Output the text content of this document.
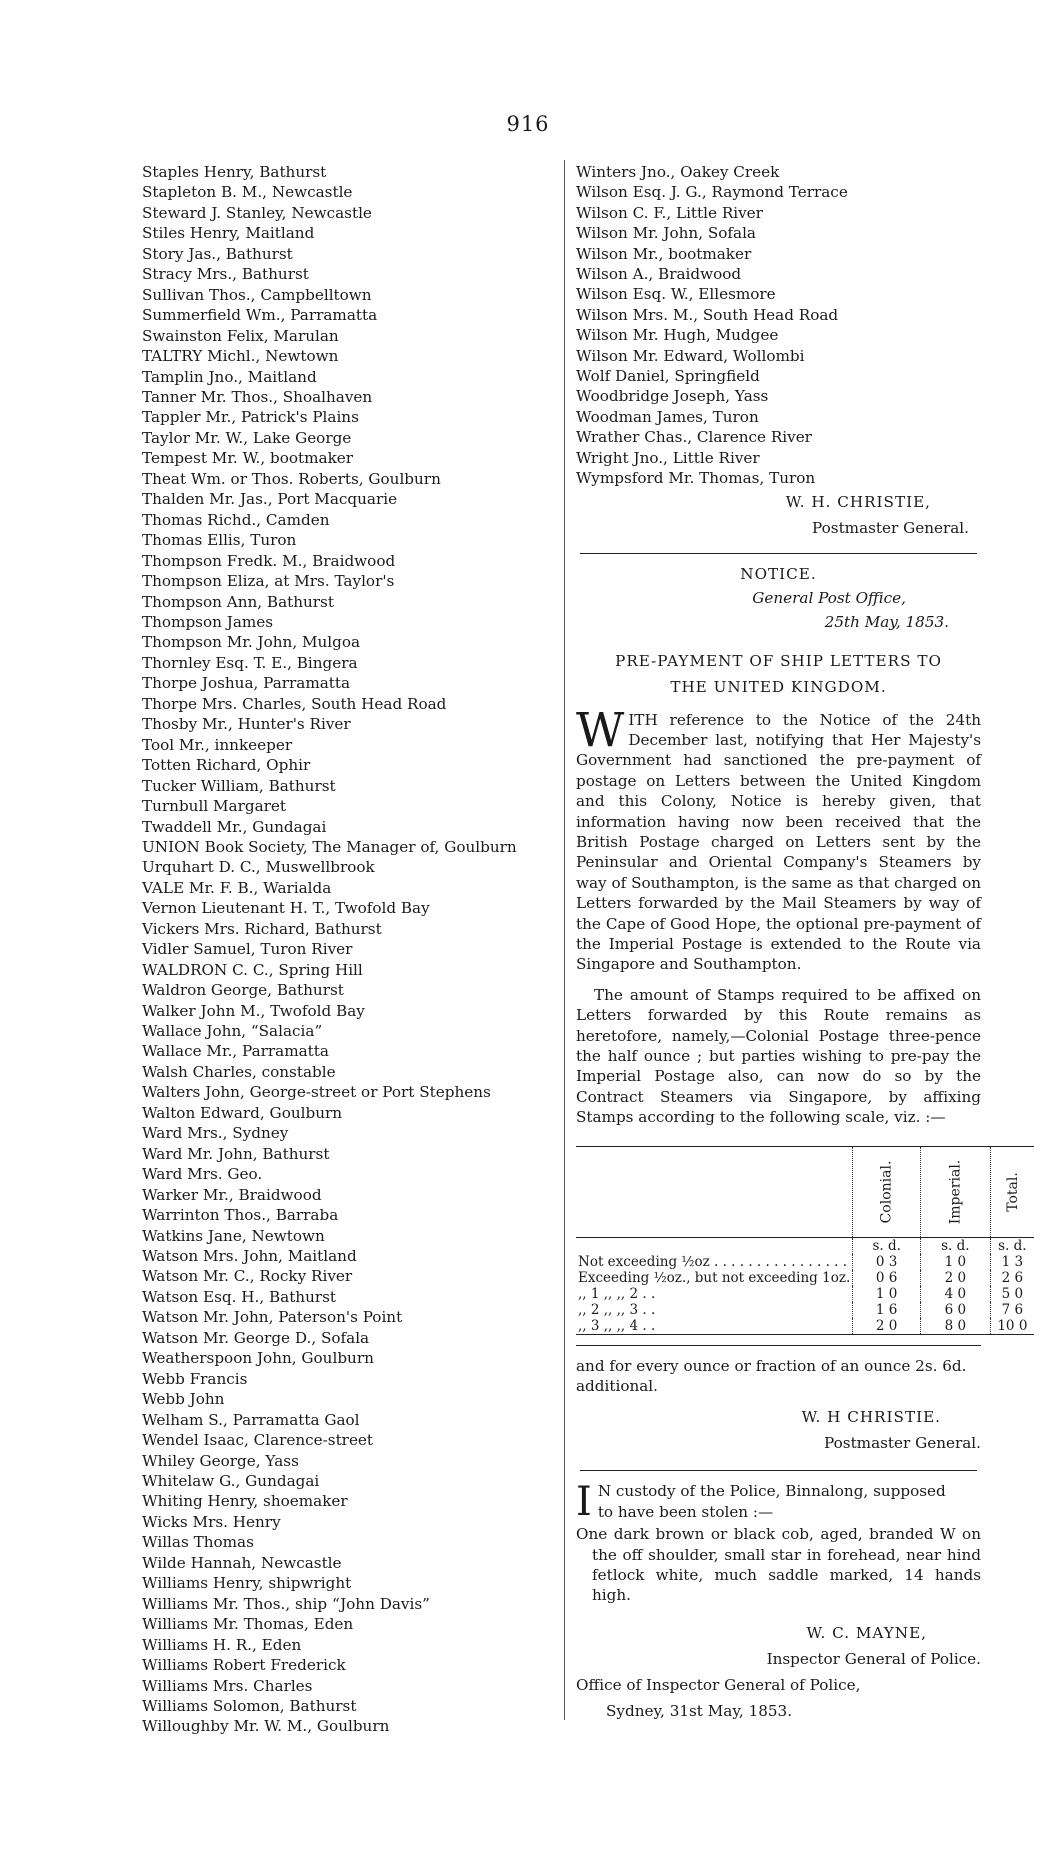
916
Staples Henry, Bathurst
Stapleton B. M., Newcastle
Steward J. Stanley, Newcastle
Stiles Henry, Maitland
Story Jas., Bathurst
Stracy Mrs., Bathurst
Sullivan Thos., Campbelltown
Summerfield Wm., Parramatta
Swainston Felix, Marulan
TALTRY Michl., Newtown
Tamplin Jno., Maitland
Tanner Mr. Thos., Shoalhaven
Tappler Mr., Patrick's Plains
Taylor Mr. W., Lake George
Tempest Mr. W., bootmaker
Theat Wm. or Thos. Roberts, Goulburn
Thalden Mr. Jas., Port Macquarie
Thomas Richd., Camden
Thomas Ellis, Turon
Thompson Fredk. M., Braidwood
Thompson Eliza, at Mrs. Taylor's
Thompson Ann, Bathurst
Thompson James
Thompson Mr. John, Mulgoa
Thornley Esq. T. E., Bingera
Thorpe Joshua, Parramatta
Thorpe Mrs. Charles, South Head Road
Thosby Mr., Hunter's River
Tool Mr., innkeeper
Totten Richard, Ophir
Tucker William, Bathurst
Turnbull Margaret
Twaddell Mr., Gundagai
UNION Book Society, The Manager of, Goulburn
Urquhart D. C., Muswellbrook
VALE Mr. F. B., Warialda
Vernon Lieutenant H. T., Twofold Bay
Vickers Mrs. Richard, Bathurst
Vidler Samuel, Turon River
WALDRON C. C., Spring Hill
Waldron George, Bathurst
Walker John M., Twofold Bay
Wallace John, “Salacia”
Wallace Mr., Parramatta
Walsh Charles, constable
Walters John, George-street or Port Stephens
Walton Edward, Goulburn
Ward Mrs., Sydney
Ward Mr. John, Bathurst
Ward Mrs. Geo.
Warker Mr., Braidwood
Warrinton Thos., Barraba
Watkins Jane, Newtown
Watson Mrs. John, Maitland
Watson Mr. C., Rocky River
Watson Esq. H., Bathurst
Watson Mr. John, Paterson's Point
Watson Mr. George D., Sofala
Weatherspoon John, Goulburn
Webb Francis
Webb John
Welham S., Parramatta Gaol
Wendel Isaac, Clarence-street
Whiley George, Yass
Whitelaw G., Gundagai
Whiting Henry, shoemaker
Wicks Mrs. Henry
Willas Thomas
Wilde Hannah, Newcastle
Williams Henry, shipwright
Williams Mr. Thos., ship “John Davis”
Williams Mr. Thomas, Eden
Williams H. R., Eden
Williams Robert Frederick
Williams Mrs. Charles
Williams Solomon, Bathurst
Willoughby Mr. W. M., Goulburn
Winters Jno., Oakey Creek
Wilson Esq. J. G., Raymond Terrace
Wilson C. F., Little River
Wilson Mr. John, Sofala
Wilson Mr., bootmaker
Wilson A., Braidwood
Wilson Esq. W., Ellesmore
Wilson Mrs. M., South Head Road
Wilson Mr. Hugh, Mudgee
Wilson Mr. Edward, Wollombi
Wolf Daniel, Springfield
Woodbridge Joseph, Yass
Woodman James, Turon
Wrather Chas., Clarence River
Wright Jno., Little River
Wympsford Mr. Thomas, Turon
W. H. CHRISTIE,
Postmaster General.
NOTICE.
General Post Office,
25th May, 1853.
PRE-PAYMENT OF SHIP LETTERS TO
THE UNITED KINGDOM.
W ITH reference to the Notice of the 24th December last, notifying that Her Majesty's Government had sanctioned the pre-payment of postage on Letters between the United Kingdom and this Colony, Notice is hereby given, that information having now been received that the British Postage charged on Letters sent by the Peninsular and Oriental Company's Steamers by way of Southampton, is the same as that charged on Letters forwarded by the Mail Steamers by way of the Cape of Good Hope, the optional pre-payment of the Imperial Postage is extended to the Route via Singapore and Southampton.
The amount of Stamps required to be affixed on Letters forwarded by this Route remains as heretofore, namely,—Colonial Postage three-pence the half ounce ; but parties wishing to pre-pay the Imperial Postage also, can now do so by the Contract Steamers via Singapore, by affixing Stamps according to the following scale, viz. :—
	Colonial.	Imperial.	Total.
	s. d.	s. d.	s. d.
Not exceeding ½oz . . . . . . . . . . . . . . . .	0 3	1 0	1 3
Exceeding ½oz., but not exceeding 1oz.	0 6	2 0	2 6
,, 1 ,, ,, 2 . .	1 0	4 0	5 0
,, 2 ,, ,, 3 . .	1 6	6 0	7 6
,, 3 ,, ,, 4 . .	2 0	8 0	10 0
and for every ounce or fraction of an ounce 2s. 6d. additional.
W. H CHRISTIE.
Postmaster General.
I N custody of the Police, Binnalong, supposed
to have been stolen :—
One dark brown or black cob, aged, branded W on the off shoulder, small star in forehead, near hind fetlock white, much saddle marked, 14 hands high.
W. C. MAYNE,
Inspector General of Police.
Office of Inspector General of Police,
Sydney, 31st May, 1853.
